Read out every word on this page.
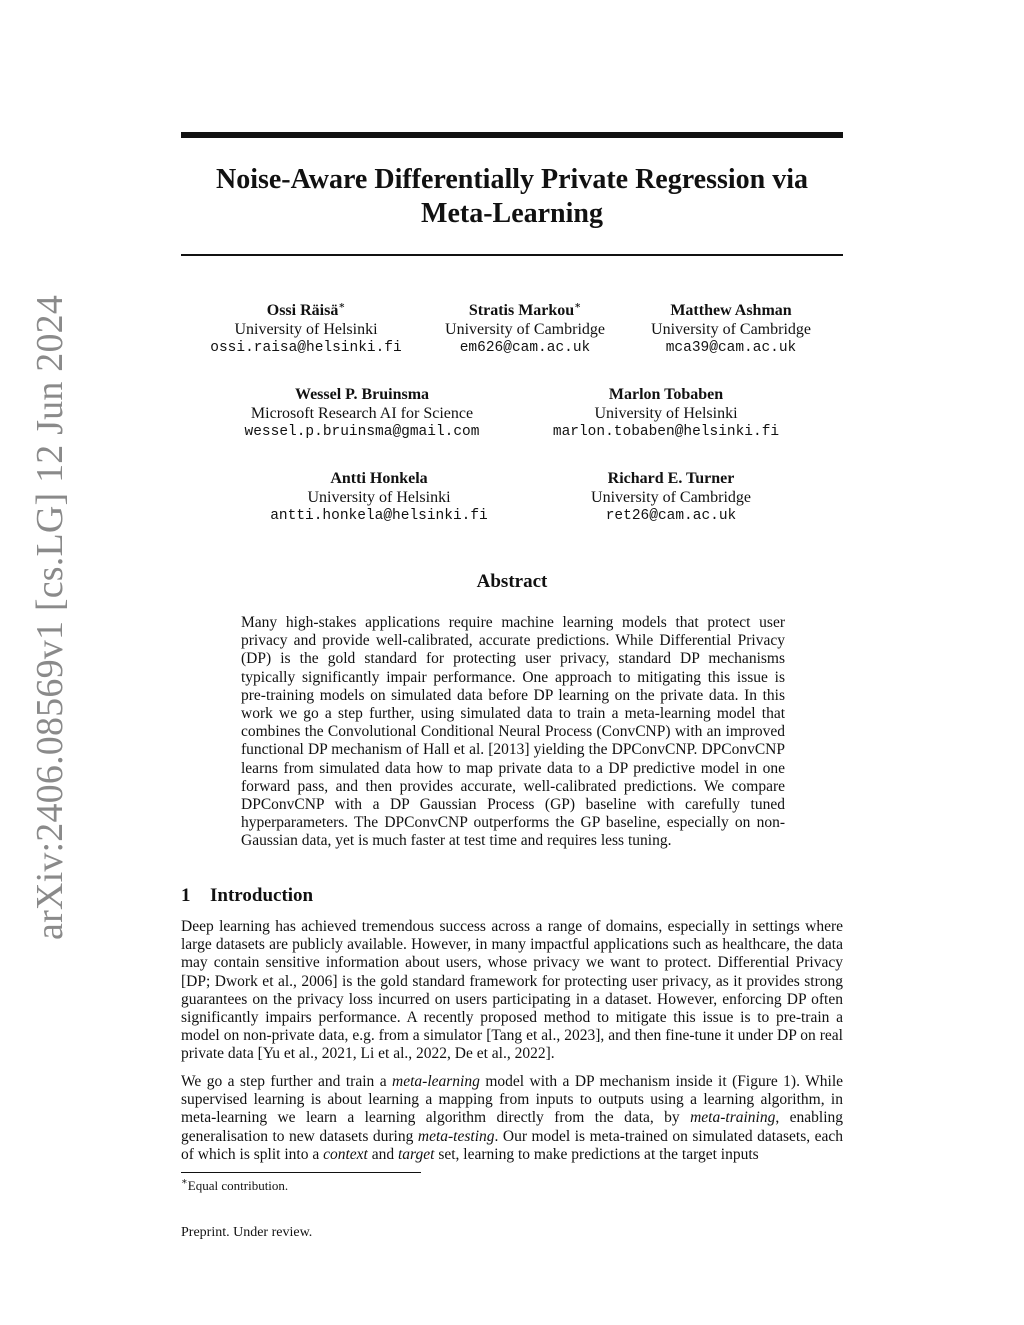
arXiv:2406.08569v1 [cs.LG] 12 Jun 2024
Noise-Aware Differentially Private Regression via
Meta-Learning
Ossi Räisä∗
University of Helsinki
ossi.raisa@helsinki.fi
Stratis Markou∗
University of Cambridge
em626@cam.ac.uk
Matthew Ashman
University of Cambridge
mca39@cam.ac.uk
Wessel P. Bruinsma
Microsoft Research AI for Science
wessel.p.bruinsma@gmail.com
Marlon Tobaben
University of Helsinki
marlon.tobaben@helsinki.fi
Antti Honkela
University of Helsinki
antti.honkela@helsinki.fi
Richard E. Turner
University of Cambridge
ret26@cam.ac.uk
Abstract
Many high-stakes applications require machine learning models that protect user privacy and provide well-calibrated, accurate predictions. While Differential Privacy (DP) is the gold standard for protecting user privacy, standard DP mechanisms typically significantly impair performance. One approach to mitigating this issue is pre-training models on simulated data before DP learning on the private data. In this work we go a step further, using simulated data to train a meta-learning model that combines the Convolutional Conditional Neural Process (ConvCNP) with an improved functional DP mechanism of Hall et al. [2013] yielding the DPConvCNP. DPConvCNP learns from simulated data how to map private data to a DP predictive model in one forward pass, and then provides accurate, well-calibrated predictions. We compare DPConvCNP with a DP Gaussian Process (GP) baseline with carefully tuned hyperparameters. The DPConvCNP outperforms the GP baseline, especially on non-Gaussian data, yet is much faster at test time and requires less tuning.
1 Introduction
Deep learning has achieved tremendous success across a range of domains, especially in settings where large datasets are publicly available. However, in many impactful applications such as healthcare, the data may contain sensitive information about users, whose privacy we want to protect. Differential Privacy [DP; Dwork et al., 2006] is the gold standard framework for protecting user privacy, as it provides strong guarantees on the privacy loss incurred on users participating in a dataset. However, enforcing DP often significantly impairs performance. A recently proposed method to mitigate this issue is to pre-train a model on non-private data, e.g. from a simulator [Tang et al., 2023], and then fine-tune it under DP on real private data [Yu et al., 2021, Li et al., 2022, De et al., 2022].
We go a step further and train a meta-learning model with a DP mechanism inside it (Figure 1). While supervised learning is about learning a mapping from inputs to outputs using a learning algorithm, in meta-learning we learn a learning algorithm directly from the data, by meta-training, enabling generalisation to new datasets during meta-testing. Our model is meta-trained on simulated datasets, each of which is split into a context and target set, learning to make predictions at the target inputs
∗Equal contribution.
Preprint. Under review.
